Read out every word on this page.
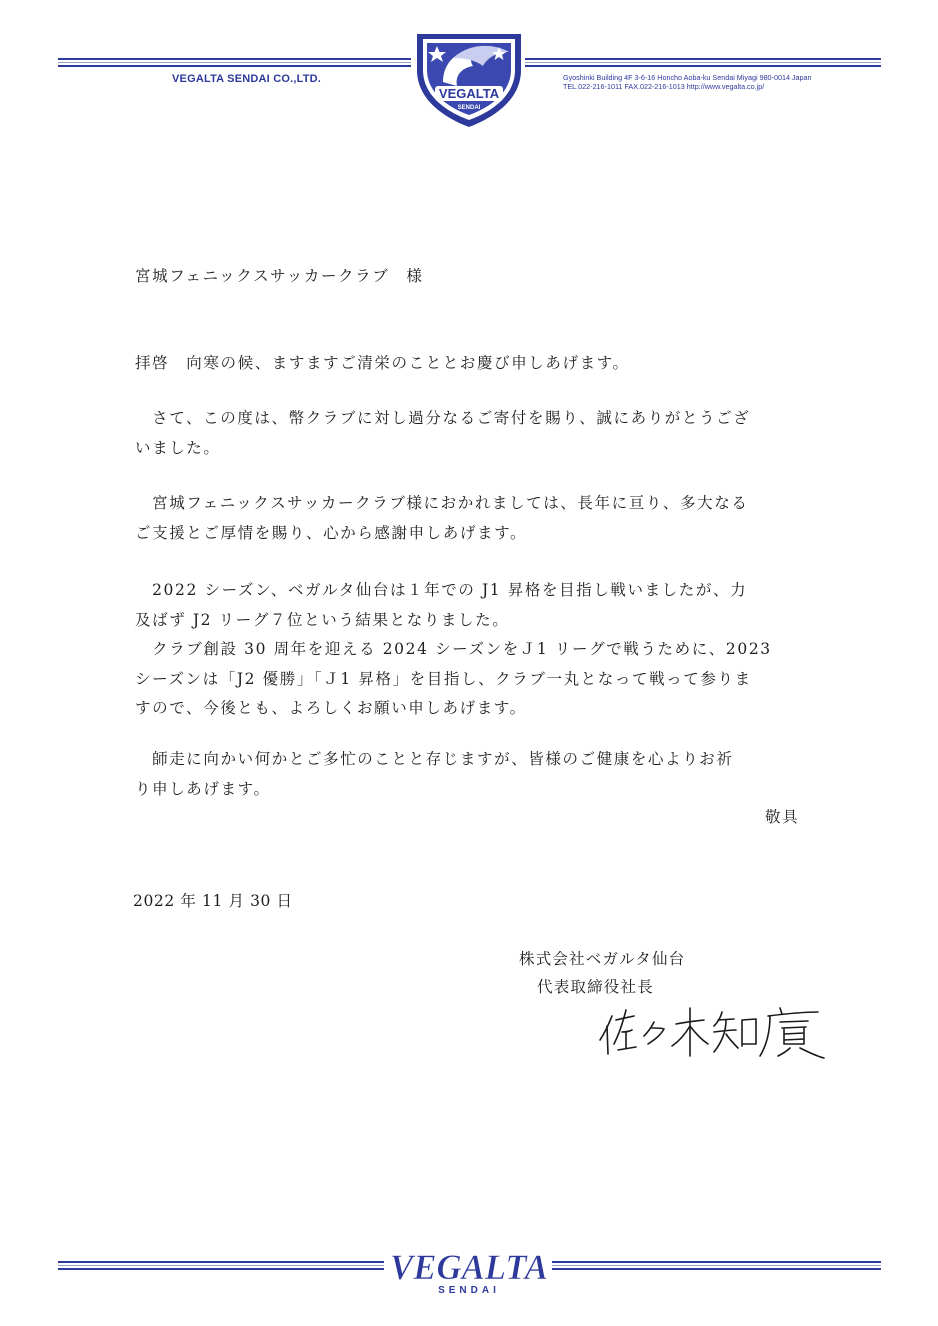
VEGALTA SENDAI CO.,LTD.	Gyoshinki Building 4F 3-6-16 Honcho Aoba-ku Sendai Miyagi 980-0014 Japan
TEL.022-216-1011 FAX.022-216-1013 http://www.vegalta.co.jp/
VEGALTA
SENDAI
宮城フェニックスサッカークラブ　様
拝啓　向寒の候、ますますご清栄のこととお慶び申しあげます。
　さて、この度は、幣クラブに対し過分なるご寄付を賜り、誠にありがとうござ
いました。
　宮城フェニックスサッカークラブ様におかれましては、長年に亘り、多大なる
ご支援とご厚情を賜り、心から感謝申しあげます。
　2022 シーズン、ベガルタ仙台は１年での J1 昇格を目指し戦いましたが、力
及ばず J2 リーグ７位という結果となりました。
　クラブ創設 30 周年を迎える 2024 シーズンをＪ1 リーグで戦うために、2023
シーズンは「J2 優勝」「Ｊ1 昇格」を目指し、クラブ一丸となって戦って参りま
すので、今後とも、よろしくお願い申しあげます。
　師走に向かい何かとご多忙のことと存じますが、皆様のご健康を心よりお祈
り申しあげます。
敬具
2022 年 11 月 30 日
株式会社ベガルタ仙台
代表取締役社長
VEGALTA
SENDAI
